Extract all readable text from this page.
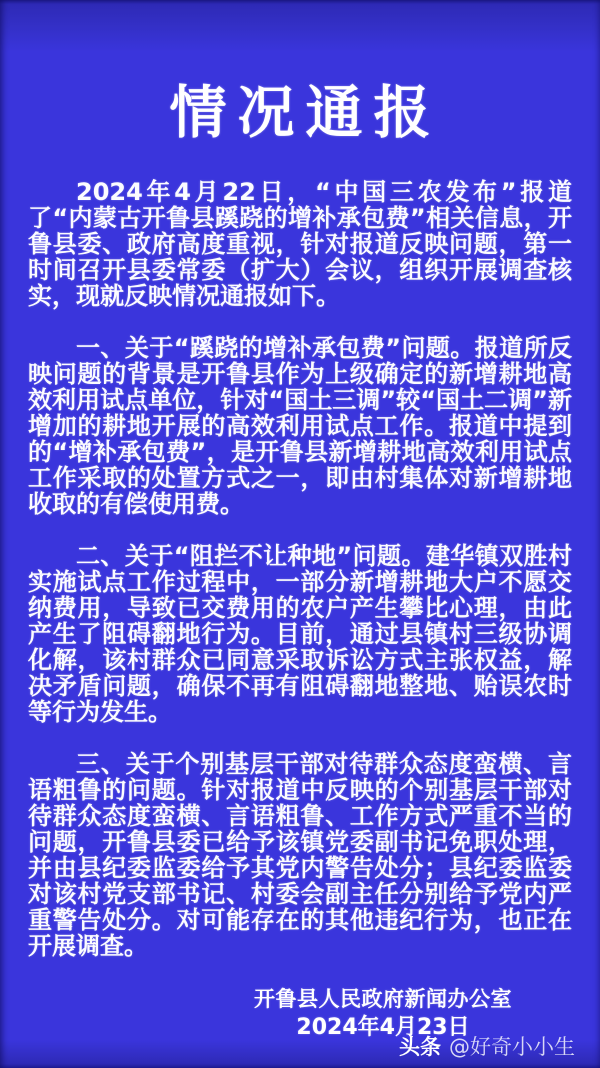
情况通报

2024年4月22日，“中国三农发布”报道了“内蒙古开鲁县蹊跷的增补承包费”相关信息，开鲁县委、政府高度重视，针对报道反映问题，第一时间召开县委常委（扩大）会议，组织开展调查核实，现就反映情况通报如下。

一、关于“蹊跷的增补承包费”问题。报道所反映问题的背景是开鲁县作为上级确定的新增耕地高效利用试点单位，针对“国土三调”较“国土二调”新增加的耕地开展的高效利用试点工作。报道中提到的“增补承包费”，是开鲁县新增耕地高效利用试点工作采取的处置方式之一，即由村集体对新增耕地收取的有偿使用费。

二、关于“阻拦不让种地”问题。建华镇双胜村实施试点工作过程中，一部分新增耕地大户不愿交纳费用，导致已交费用的农户产生攀比心理，由此产生了阻碍翻地行为。目前，通过县镇村三级协调化解，该村群众已同意采取诉讼方式主张权益，解决矛盾问题，确保不再有阻碍翻地整地、贻误农时等行为发生。

三、关于个别基层干部对待群众态度蛮横、言语粗鲁的问题。针对报道中反映的个别基层干部对待群众态度蛮横、言语粗鲁、工作方式严重不当的问题，开鲁县委已给予该镇党委副书记免职处理，并由县纪委监委给予其党内警告处分；县纪委监委对该村党支部书记、村委会副主任分别给予党内严重警告处分。对可能存在的其他违纪行为，也正在开展调查。

开鲁县人民政府新闻办公室
2024年4月23日
头条 @好奇小小生
